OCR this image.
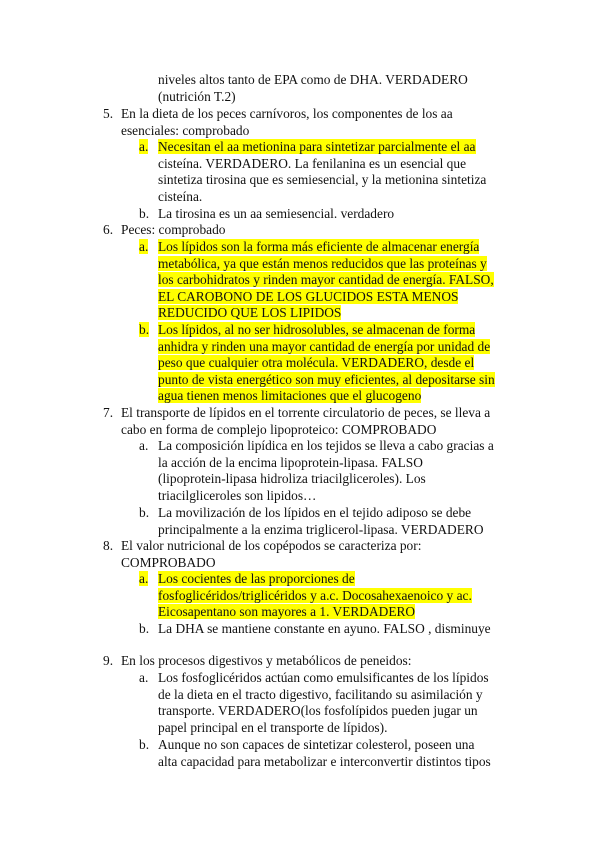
niveles altos tanto de EPA como de DHA. VERDADERO
(nutrición T.2)
5. En la dieta de los peces carnívoros, los componentes de los aa
esenciales: comprobado
a. Necesitan el aa metionina para sintetizar parcialmente el aa
cisteína. VERDADERO. La fenilanina es un esencial que
sintetiza tirosina que es semiesencial, y la metionina sintetiza
cisteína.
b. La tirosina es un aa semiesencial. verdadero
6. Peces: comprobado
a. Los lípidos son la forma más eficiente de almacenar energía
metabólica, ya que están menos reducidos que las proteínas y
los carbohidratos y rinden mayor cantidad de energía. FALSO,
EL CAROBONO DE LOS GLUCIDOS ESTA MENOS
REDUCIDO QUE LOS LIPIDOS
b. Los lípidos, al no ser hidrosolubles, se almacenan de forma
anhidra y rinden una mayor cantidad de energía por unidad de
peso que cualquier otra molécula. VERDADERO, desde el
punto de vista energético son muy eficientes, al depositarse sin
agua tienen menos limitaciones que el glucogeno
7. El transporte de lípidos en el torrente circulatorio de peces, se lleva a
cabo en forma de complejo lipoproteico: COMPROBADO
a. La composición lipídica en los tejidos se lleva a cabo gracias a
la acción de la encima lipoprotein-lipasa. FALSO
(lipoprotein-lipasa hidroliza triacilgliceroles). Los
triacilgliceroles son lipidos…
b. La movilización de los lípidos en el tejido adiposo se debe
principalmente a la enzima triglicerol-lipasa. VERDADERO
8. El valor nutricional de los copépodos se caracteriza por:
COMPROBADO
a. Los cocientes de las proporciones de
fosfoglicéridos/triglicéridos y a.c. Docosahexaenoico y ac.
Eicosapentano son mayores a 1. VERDADERO
b. La DHA se mantiene constante en ayuno. FALSO , disminuye
9. En los procesos digestivos y metabólicos de peneidos:
a. Los fosfoglicéridos actúan como emulsificantes de los lípidos
de la dieta en el tracto digestivo, facilitando su asimilación y
transporte. VERDADERO(los fosfolípidos pueden jugar un
papel principal en el transporte de lípidos).
b. Aunque no son capaces de sintetizar colesterol, poseen una
alta capacidad para metabolizar e interconvertir distintos tipos
